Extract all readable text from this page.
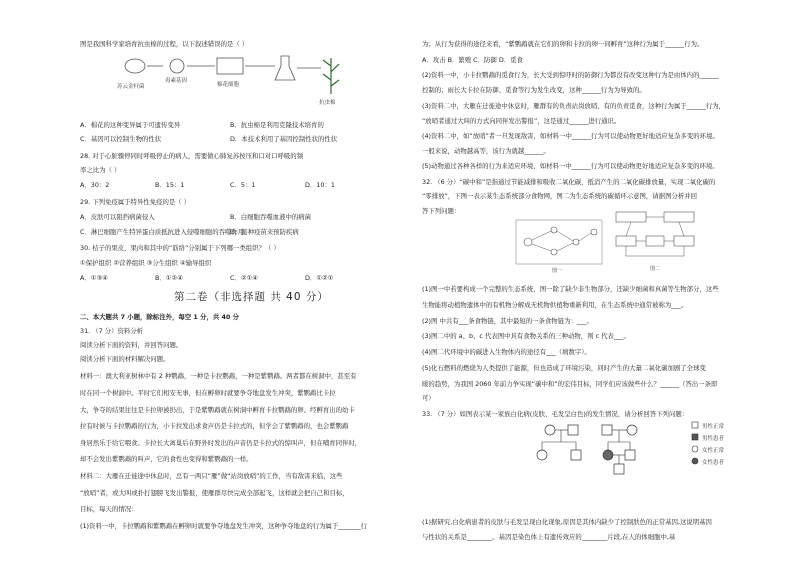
图是我国科学家培育抗虫棉的过程，以下叙述错误的是（ ）
苏云金杆菌
毒素基因
棉花细胞
抗虫棉
A．棉花的这种变异属于可遗传变异	B．抗虫棉是利用克隆技术培育的
C．基因可以控制生物的性状	D．本技术利用了基因控制性状的性状
28. 对于心脏骤停同时呼吸停止的病人，需要做心肺复苏按压和口对口呼吸的频
率之比为（ ）
A．30：2	B．15：1	C．5：1	D．10：1
29. 下列免疫属于特异性免疫的是（ ）
A．皮肤可以阻挡病菌侵入	B．白细胞吞噬血液中的病菌
C．淋巴细胞产生特异蛋白质抵抗进入侵噬细胞的吞噬作用
D．接种疫苗来预防疾病
30. 桔子的果皮，果肉和其中的“筋络”分别属于下列哪一类组织？（ ）
①保护组织 ②营养组织 ③分生组织 ④输导组织
A．①③④	B．①②④	C．②①④	D．①②①
第二卷（非选择题 共 40 分）
二、本大题共 7 小题，除标注外，每空 1 分，共 40 分
31. （7 分）资料分析
阅读分析下面的资料，并回答问题。
阅读分析下面的材料解决问题。
材料一：澳大利亚树林中有 2 种鹦鹉，一种是卡拉鹦鹉，一种是紫鹦鹉。两者都在树洞中，甚至有
时在同一个树洞中。平时它们相安无事，但在孵卵时就要争夺地盘发生冲突，紫鹦鹉比卡拉
大，争夺的结果往往是卡拉卵被扔出，于是紫鹦鹉就在树洞中孵育卡拉鹦鹉的卵。经孵育出的幼卡
拉有时候与卡拉鹦鹉的行为，小卡拉发出求食声仍是卡拉式的，但学会了紫鹦鹉的，也会紫鹦鹉
身居然乐于给它喂食。卡拉长大离巢后在野外时发出的声音仍是卡拉式的惊叫声，但在哺育同伴时，
却不会发出紫鹦鹉的叫声，它的食性也变得和紫鹦鹉的一样。
材料二：大雁在迁徙途中休息时，总有一两只“雁”做“站岗放哨”的工作，当有敌害来临，这些
“放哨”者，或大叫或扑打翅膀飞发出警报，使雁群尽快完成全部起飞，这样就会把自己和目标，
目标，每天的情况：
(1)资料一中，卡拉鹦鹉和紫鹦鹉在孵卵时就要争夺地盘发生冲突，这种争夺地盘的行为属于_______行
为；从行为获得的途径来看，“紫鹦鹉就在它们的卵和卡拉的卵一同孵育”这种行为属于______行为。
A．攻击 B．繁殖 C．防御 D．觅食
(2)资料一中，小卡拉鹦鹉的觅食行为，长大受到惊吓时的防御行为都没有改变这种行为是由体内的______
控制的；雨长大卡拉在防御、觅食等行为发生改变，这种______行为为导致的。
(3)资料二中，大雁在迁徙途中休息时，雁群有的负责站岗放哨，有的负责觅食，这种行为属于______行为，
“放哨者通过大叫的方式向同伴发出警报”，这是通过______进行通讯。
(4)资料二中，如“放哨”者一旦发现敌害，如材料一中______行为可以使动物更好地适应复杂多变的环境。
一般来说，动物越高等，该行为就越______。
(5)动物通过各种各样的行为来适应环境，如材料一中______行为可以使动物更好地适应复杂多变的环境。
32. （6 分）“碳中和”是指通过节能减排和吸收二氧化碳，抵消产生的二氧化碳排放量，实现二氧化碳的
“零排放”，下图一表示某生态系统部分食物网，图二为生态系统的碳循环示意图，请据图分析并回
答下列问题：
图一	图二
(1)图一中若要构成一个完整的生态系统，图一除了缺少非生物部分，还缺少细菌和真菌等生物部分，这些
生物能将动植物遗体中的有机物分解成无机物供植物重新利用，在生态系统中通常被称为___。
(2)图 中共有___条食物链，其中最短的一条食物链为：___。
(3)图二中的 a、b、c 代表图中具有食物关系的三种动物，则 c 代表___。
(4)图二代环境中的碳进入生物体内的途径有___（填数字）。
(5)化石燃料的燃烧为人类提供了能源，但也造成了环境污染，同时产生的大量二氧化碳加剧了全球变
暖的趋势，为我国 2060 年前力争实现“碳中和”的宏伟目标，同学们应该做些什么？______（答出一条即
可）
33. （7 分）如图表示某一家族白化病(皮肤、毛发呈白色)的发生情况，请分析回答下列问题：
男性正常
男性患者
女性正常
女性患者
(1)据研究,白化病患者的皮肤与毛发呈现白化现象,原因是其体内缺少了控制肤色的正常基因,这说明基因
与性状的关系是________。基因是染色体上有遗传效应的________片段,在人的体细胞中,基
